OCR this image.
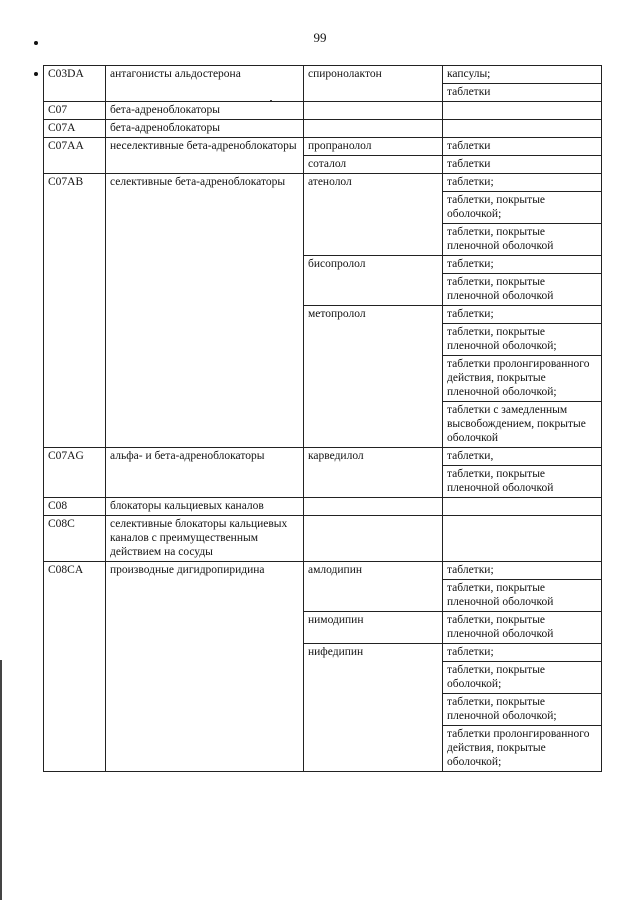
99
C03DA	антагонисты альдостерона	спиронолактон	капсулы;
			таблетки
C07	бета-адреноблокаторы		
C07A	бета-адреноблокаторы		
C07AA	неселективные бета-адреноблокаторы	пропранолол	таблетки
		соталол	таблетки
C07AB	селективные бета-адреноблокаторы	атенолол	таблетки;
			таблетки, покрытые оболочкой;
			таблетки, покрытые пленочной оболочкой
		бисопролол	таблетки;
			таблетки, покрытые пленочной оболочкой
		метопролол	таблетки;
			таблетки, покрытые пленочной оболочкой;
			таблетки пролонгированного действия, покрытые пленочной оболочкой;
			таблетки с замедленным высвобождением, покрытые оболочкой
C07AG	альфа- и бета-адреноблокаторы	карведилол	таблетки,
			таблетки, покрытые пленочной оболочкой
C08	блокаторы кальциевых каналов		
C08C	селективные блокаторы кальциевых каналов с преимущественным действием на сосуды		
C08CA	производные дигидропиридина	амлодипин	таблетки;
			таблетки, покрытые пленочной оболочкой
		нимодипин	таблетки, покрытые пленочной оболочкой
		нифедипин	таблетки;
			таблетки, покрытые оболочкой;
			таблетки, покрытые пленочной оболочкой;
			таблетки пролонгированного действия, покрытые оболочкой;
